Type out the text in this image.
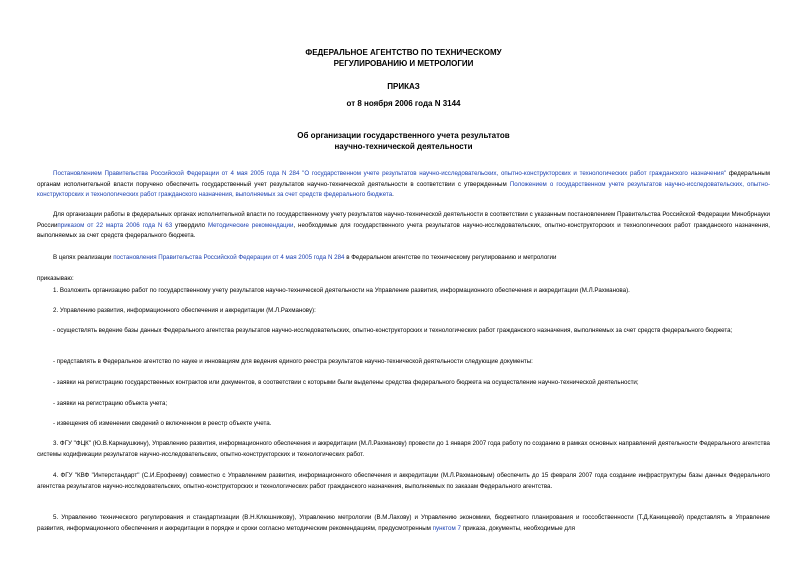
ФЕДЕРАЛЬНОЕ АГЕНТСТВО ПО ТЕХНИЧЕСКОМУ
РЕГУЛИРОВАНИЮ И МЕТРОЛОГИИ
ПРИКАЗ
от 8 ноября 2006 года N 3144
Об организации государственного учета результатов
научно-технической деятельности
Постановлением Правительства Российской Федерации от 4 мая 2005 года N 284 "О государственном учете результатов научно-исследовательских, опытно-конструкторских и технологических работ гражданского назначения" федеральным органам исполнительной власти поручено обеспечить государственный учет результатов научно-технической деятельности в соответствии с утвержденным Положением о государственном учете результатов научно-исследовательских, опытно-конструкторских и технологических работ гражданского назначения, выполняемых за счет средств федерального бюджета.
Для организации работы в федеральных органах исполнительной власти по государственному учету результатов научно-технической деятельности в соответствии с указанным постановлением Правительства Российской Федерации Минобрнауки Россииприказом от 22 марта 2006 года N 63 утвердило Методические рекомендации, необходимые для государственного учета результатов научно-исследовательских, опытно-конструкторских и технологических работ гражданского назначения, выполняемых за счет средств федерального бюджета.
В целях реализации постановления Правительства Российской Федерации от 4 мая 2005 года N 284 в Федеральном агентстве по техническому регулированию и метрологии
приказываю:
1. Возложить организацию работ по государственному учету результатов научно-технической деятельности на Управление развития, информационного обеспечения и аккредитации (М.Л.Рахманова).
2. Управлению развития, информационного обеспечения и аккредитации (М.Л.Рахманову):
- осуществлять ведение базы данных Федерального агентства результатов научно-исследовательских, опытно-конструкторских и технологических работ гражданского назначения, выполняемых за счет средств федерального бюджета;
- представлять в Федеральное агентство по науке и инновациям для ведения единого реестра результатов научно-технической деятельности следующие документы:
- заявки на регистрацию государственных контрактов или документов, в соответствии с которыми были выделены средства федерального бюджета на осуществление научно-технической деятельности;
- заявки на регистрацию объекта учета;
- извещения об изменении сведений о включенном в реестр объекте учета.
3. ФГУ "ФЦК" (Ю.В.Карнаушкину), Управлению развития, информационного обеспечения и аккредитации (М.Л.Рахманову) провести до 1 января 2007 года работу по созданию в рамках основных направлений деятельности Федерального агентства системы кодификации результатов научно-исследовательских, опытно-конструкторских и технологических работ.
4. ФГУ "КВФ "Интерстандарт" (С.И.Ерофееву) совместно с Управлением развития, информационного обеспечения и аккредитации (М.Л.Рахмановым) обеспечить до 15 февраля 2007 года создание инфраструктуры базы данных Федерального агентства результатов научно-исследовательских, опытно-конструкторских и технологических работ гражданского назначения, выполняемых по заказам Федерального агентства.
5. Управлению технического регулирования и стандартизации (В.Н.Клюшникову), Управлению метрологии (В.М.Лахову) и Управлению экономики, бюджетного планирования и госсобственности (Т.Д.Канищевой) представлять в Управление развития, информационного обеспечения и аккредитации в порядке и сроки согласно методическим рекомендациям, предусмотренным пунктом 7 приказа, документы, необходимые для
